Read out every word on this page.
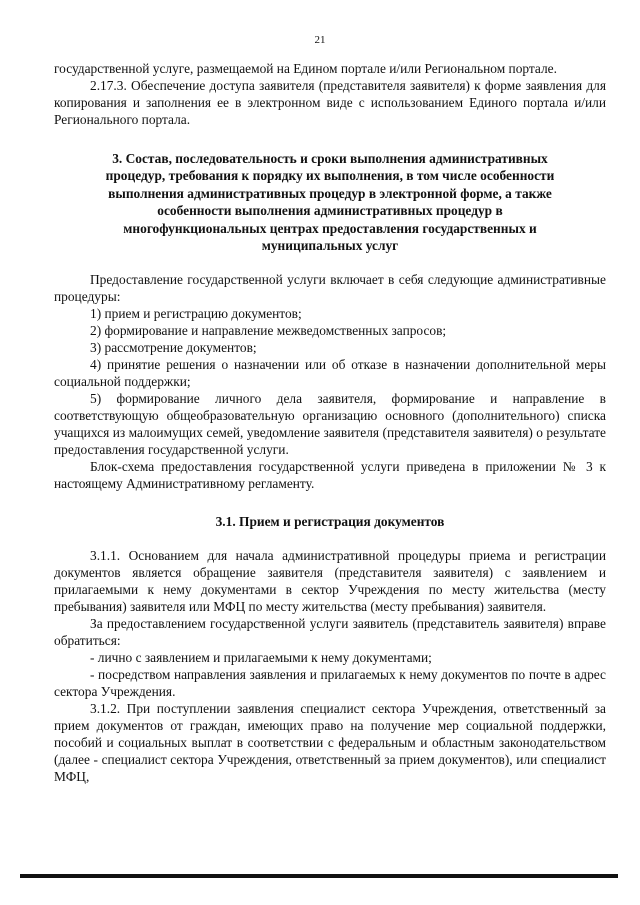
21

государственной услуге, размещаемой на Едином портале и/или Региональном портале.

2.17.3. Обеспечение доступа заявителя (представителя заявителя) к форме заявления для копирования и заполнения ее в электронном виде с использованием Единого портала и/или Регионального портала.

3. Состав, последовательность и сроки выполнения административных процедур, требования к порядку их выполнения, в том числе особенности выполнения административных процедур в электронной форме, а также особенности выполнения административных процедур в многофункциональных центрах предоставления государственных и муниципальных услуг

Предоставление государственной услуги включает в себя следующие административные процедуры:

1) прием и регистрацию документов;

2) формирование и направление межведомственных запросов;

3) рассмотрение документов;

4) принятие решения о назначении или об отказе в назначении дополнительной меры социальной поддержки;

5) формирование личного дела заявителя, формирование и направление в соответствующую общеобразовательную организацию основного (дополнительного) списка учащихся из малоимущих семей, уведомление заявителя (представителя заявителя) о результате предоставления государственной услуги.

Блок-схема предоставления государственной услуги приведена в приложении № 3 к настоящему Административному регламенту.

3.1. Прием и регистрация документов

3.1.1. Основанием для начала административной процедуры приема и регистрации документов является обращение заявителя (представителя заявителя) с заявлением и прилагаемыми к нему документами в сектор Учреждения по месту жительства (месту пребывания) заявителя или МФЦ по месту жительства (месту пребывания) заявителя.

За предоставлением государственной услуги заявитель (представитель заявителя) вправе обратиться:

- лично с заявлением и прилагаемыми к нему документами;

- посредством направления заявления и прилагаемых к нему документов по почте в адрес сектора Учреждения.

3.1.2. При поступлении заявления специалист сектора Учреждения, ответственный за прием документов от граждан, имеющих право на получение мер социальной поддержки, пособий и социальных выплат в соответствии с федеральным и областным законодательством (далее - специалист сектора Учреждения, ответственный за прием документов), или специалист МФЦ,
